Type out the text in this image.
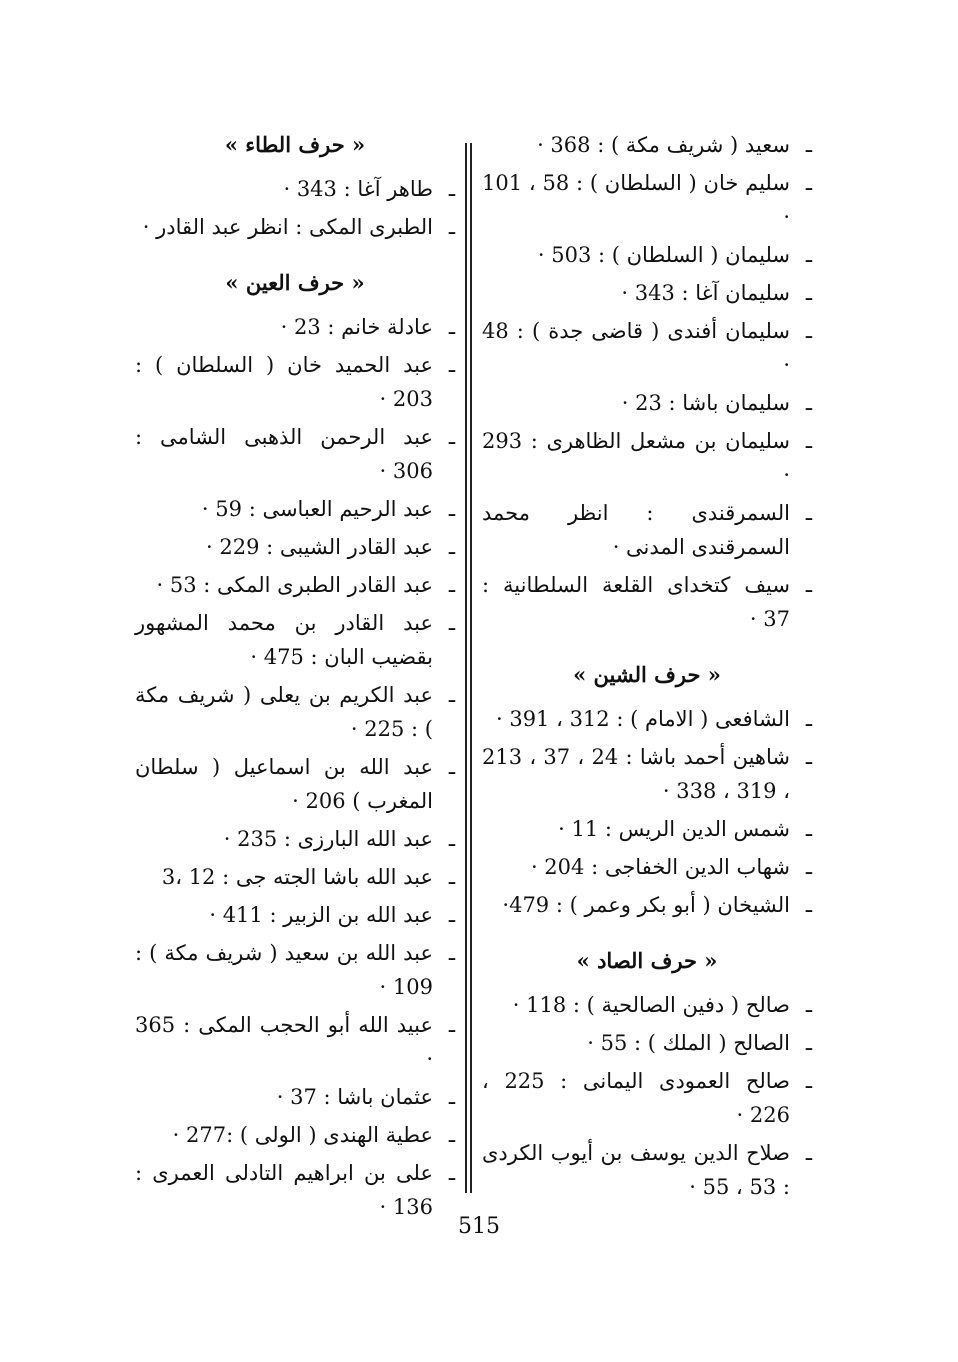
ـ
سعيد ( شريف مكة ) : 368 ·
ـ
سليم خان ( السلطان ) : 58 ، 101 ·
ـ
سليمان ( السلطان ) : 503 ·
ـ
سليمان آغا : 343 ·
ـ
سليمان أفندى ( قاضى جدة ) : 48 ·
ـ
سليمان باشا : 23 ·
ـ
سليمان بن مشعل الظاهرى : 293 ·
ـ
السمرقندى : انظر محمد السمرقندى المدنى ·
ـ
سيف كتخداى القلعة السلطانية : 37 ·
« حرف الشين »
ـ
الشافعى ( الامام ) : 312 ، 391 ·
ـ
شاهين أحمد باشا : 24 ، 37 ، 213 ، 319 ، 338 ·
ـ
شمس الدين الريس : 11 ·
ـ
شهاب الدين الخفاجى : 204 ·
ـ
الشيخان ( أبو بكر وعمر ) : 479·
« حرف الصاد »
ـ
صالح ( دفين الصالحية ) : 118 ·
ـ
الصالح ( الملك ) : 55 ·
ـ
صالح العمودى اليمانى : 225 ، 226 ·
ـ
صلاح الدين يوسف بن أيوب الكردى : 53 ، 55 ·
« حرف الطاء »
ـ
طاهر آغا : 343 ·
ـ
الطبرى المكى : انظر عبد القادر ·
« حرف العين »
ـ
عادلة خانم : 23 ·
ـ
عبد الحميد خان ( السلطان ) : 203 ·
ـ
عبد الرحمن الذهبى الشامى : 306 ·
ـ
عبد الرحيم العباسى : 59 ·
ـ
عبد القادر الشيبى : 229 ·
ـ
عبد القادر الطبرى المكى : 53 ·
ـ
عبد القادر بن محمد المشهور بقضيب البان : 475 ·
ـ
عبد الكريم بن يعلى ( شريف مكة ) : 225 ·
ـ
عبد الله بن اسماعيل ( سلطان المغرب ) 206 ·
ـ
عبد الله البارزى : 235 ·
ـ
عبد الله باشا الجته جى : 12 ،3
ـ
عبد الله بن الزبير : 411 ·
ـ
عبد الله بن سعيد ( شريف مكة ) : 109 ·
ـ
عبيد الله أبو الحجب المكى : 365 ·
ـ
عثمان باشا : 37 ·
ـ
عطية الهندى ( الولى ) :277 ·
ـ
على بن ابراهيم التادلى العمرى : 136 ·
515
